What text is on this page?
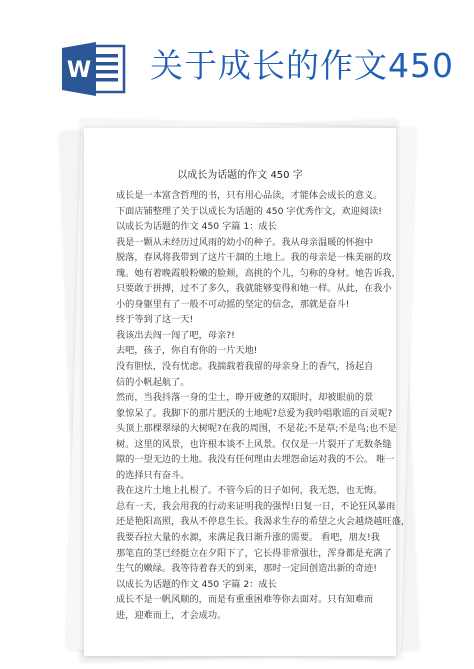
W 关于成长的作文450
以成长为话题的作文 450 字
成长是一本富含哲理的书，只有用心品读，才能体会成长的意义。
下面店铺整理了关于以成长为话题的 450 字优秀作文，欢迎阅读!
以成长为话题的作文 450 字篇 1：成长
我是一颗从未经历过风雨的幼小的种子。我从母亲温暖的怀抱中
脱落，春风将我带到了这片干涸的土地上。我的母亲是一株美丽的玫
瑰。她有着晚霞般粉嫩的脸颊，高挑的个儿，匀称的身材。她告诉我，
只要敢于拼搏，过不了多久，我就能够变得和她一样。从此，在我小
小的身躯里有了一般不可动摇的坚定的信念，那就是奋斗!
终于等到了这一天!
我该出去闯一闯了吧，母亲?!
去吧，孩子，你自有你的一片天地!
没有胆怯，没有忧虑。我揣载着我留的母亲身上的香气，扬起自
信的小帆起航了。
然而，当我抖落一身的尘土，睁开疲惫的双眼时，却被眼前的景
象惊呆了。我脚下的那片肥沃的土地呢?总爱为我吟唱歌谣的百灵呢?
头顶上那棵翠绿的大树呢?在我的周围，不是花;不是草;不是鸟;也不是
树。这里的风景，也许根本谈不上风景。仅仅是一片裂开了无数条缝
隙的一望无边的土地。我没有任何理由去埋怨命运对我的不公。 唯一
的选择只有奋斗。
我在这片土地上扎根了。不管今后的日子如何，我无怨，也无悔。
总有一天，我会用我的行动来证明我的强悍!日复一日，不论狂风暴雨
还是艳阳高照，我从不停息生长。我渴求生存的希望之火会越烧越旺盛，
我要吞拉大量的水源，来满足我日渐升涨的需要。 看吧，朋友!我
那笔直的茎已经挺立在夕阳下了，它长得非常强壮，浑身都是充满了
生气的嫩绿。我等待着春天的到来，那时一定回创造出新的奇迹!
以成长为话题的作文 450 字篇 2：成长
成长不是一帆风顺的，而是有重重困难等你去面对。只有知难而
进，迎难而上，才会成功。
